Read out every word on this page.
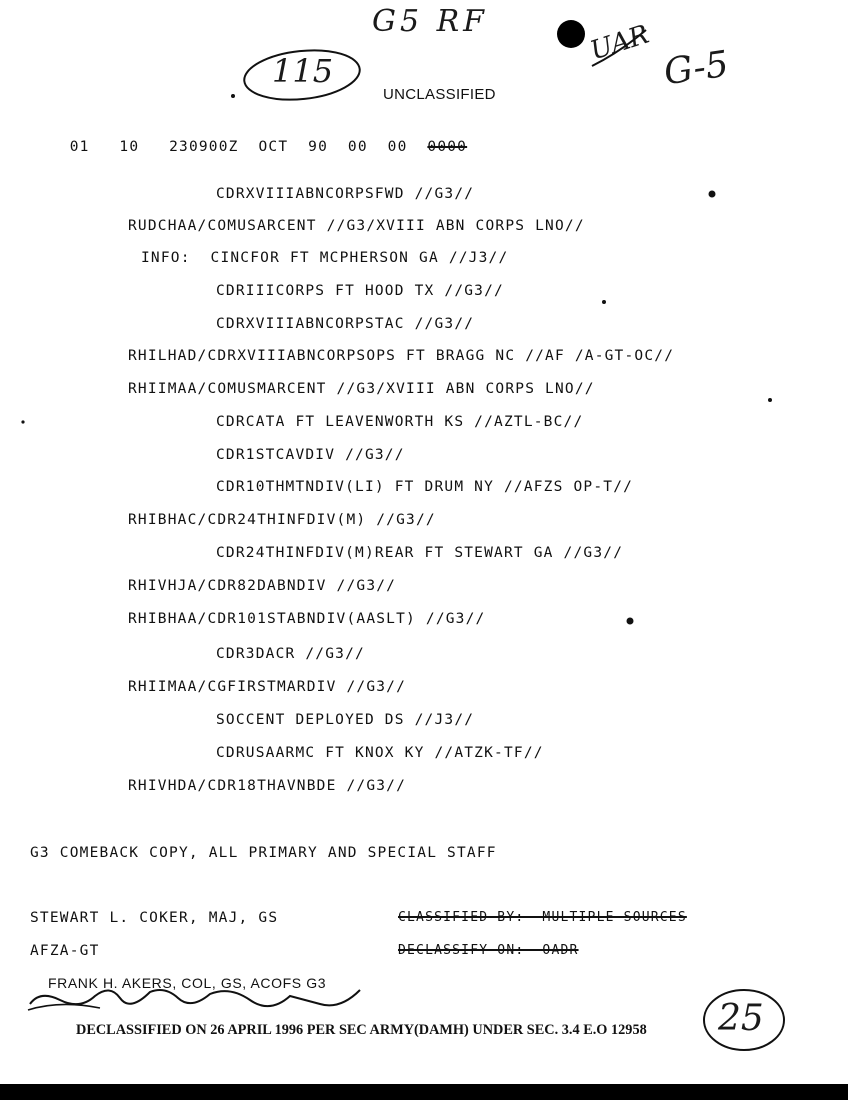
G5 RF
115
UAR
G-5
25
UNCLASSIFIED

01 10 230900Z OCT 90 00 00 0000

CDRXVIIIABNCORPSFWD //G3//
RUDCHAA/COMUSARCENT //G3/XVIII ABN CORPS LNO//
INFO:  CINCFOR FT MCPHERSON GA //J3//
CDRIIICORPS FT HOOD TX //G3//
CDRXVIIIABNCORPSTAC //G3//
RHILHAD/CDRXVIIIABNCORPSOPS FT BRAGG NC //AF /A-GT-OC//
RHIIMAA/COMUSMARCENT //G3/XVIII ABN CORPS LNO//
CDRCATA FT LEAVENWORTH KS //AZTL-BC//
CDR1STCAVDIV //G3//
CDR10THMTNDIV(LI) FT DRUM NY //AFZS OP-T//
RHIBHAC/CDR24THINFDIV(M) //G3//
CDR24THINFDIV(M)REAR FT STEWART GA //G3//
RHIVHJA/CDR82DABNDIV //G3//
RHIBHAA/CDR101STABNDIV(AASLT) //G3//
CDR3DACR //G3//
RHIIMAA/CGFIRSTMARDIV //G3//
SOCCENT DEPLOYED DS //J3//
CDRUSAARMC FT KNOX KY //ATZK-TF//
RHIVHDA/CDR18THAVNBDE //G3//
G3 COMEBACK COPY, ALL PRIMARY AND SPECIAL STAFF
STEWART L. COKER, MAJ, GS	CLASSIFIED BY:  MULTIPLE SOURCES
AFZA-GT	DECLASSIFY ON:  OADR
FRANK H. AKERS, COL, GS, ACOFS G3
DECLASSIFIED ON 26 APRIL 1996 PER SEC ARMY(DAMH) UNDER SEC. 3.4 E.O 12958
